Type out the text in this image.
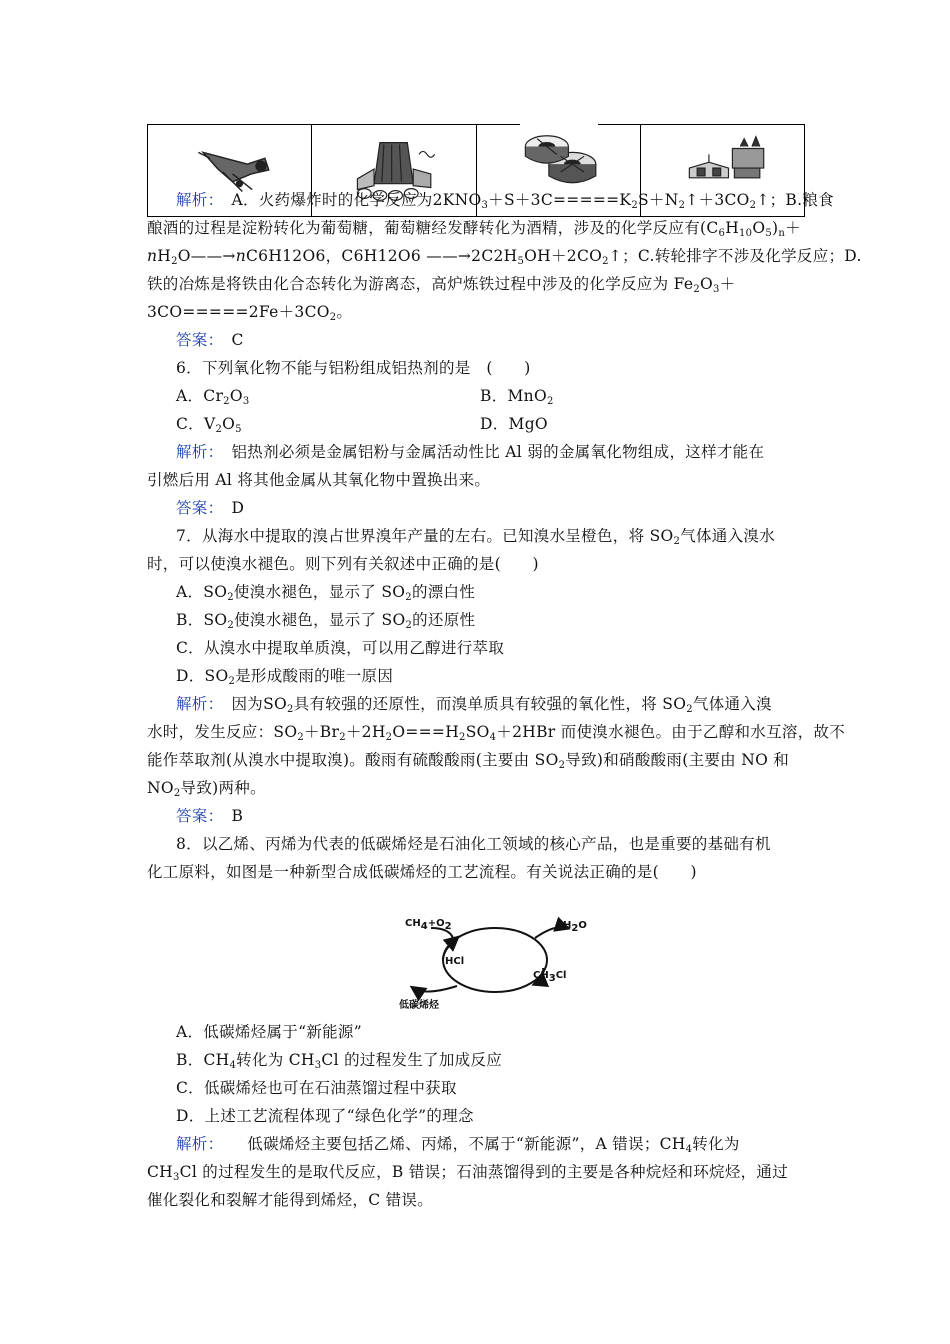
解析：　 A．火药爆炸时的化学反应为$2KNO_3+S+3C=====K_2S+N_2↑+3CO_2↑$；B.粮食
酿酒的过程是淀粉转化为葡萄糖，葡萄糖经发酵转化为酒精，涉及的化学反应有$(C_6H_{10}O_5)_n+$
$nH_2O——\to nC6H12O6$，C6H12O6 $——\to 2C2H_5OH+2CO_2↑$；C.转轮排字不涉及化学反应；D.
铁的冶炼是将铁由化合态转化为游离态，高炉炼铁过程中涉及的化学反应为 $Fe_2O_3+$
$3CO=====2Fe+3CO_2$。
答案：　 C
6．下列氧化物不能与铝粉组成铝热剂的是　(　　)
A．$Cr_2O_3$	B．MnO$_2$
C．$V_2O_5$	D．MgO
解析：　 铝热剂必须是金属铝粉与金属活动性比 Al 弱的金属氧化物组成，这样才能在
引燃后用 Al 将其他金属从其氧化物中置换出来。
答案：　 D
7．从海水中提取的溴占世界溴年产量的左右。已知溴水呈橙色，将 $SO_2$气体通入溴水
时，可以使溴水褪色。则下列有关叙述中正确的是(　　)
A．$SO_2$使溴水褪色，显示了 $SO_2$的漂白性
B．$SO_2$使溴水褪色，显示了 $SO_2$的还原性
C．从溴水中提取单质溴，可以用乙醇进行萃取
D．$SO_2$是形成酸雨的唯一原因
解析：　 因为$SO_2$具有较强的还原性，而溴单质具有较强的氧化性，将 $SO_2$气体通入溴
水时，发生反应：$SO_2+Br_2+2H_2O===H_2SO_4+2HBr$ 而使溴水褪色。由于乙醇和水互溶，故不
能作萃取剂(从溴水中提取溴)。酸雨有硫酸酸雨(主要由 $SO_2$导致)和硝酸酸雨(主要由 NO 和
$NO_2$导致)两种。
答案：　 B
8．以乙烯、丙烯为代表的低碳烯烃是石油化工领域的核心产品，也是重要的基础有机
化工原料，如图是一种新型合成低碳烯烃的工艺流程。有关说法正确的是(　　)
CH4+O2	H2O
HCl
CH3Cl
低碳烯烃
A．低碳烯烃属于“新能源”
B．$CH_4$转化为 $CH_3Cl$ 的过程发生了加成反应
C．低碳烯烃也可在石油蒸馏过程中获取
D．上述工艺流程体现了“绿色化学”的理念
解析：　　 低碳烯烃主要包括乙烯、丙烯，不属于“新能源”，A 错误；$CH_4$转化为
$CH_3Cl$ 的过程发生的是取代反应，B 错误；石油蒸馏得到的主要是各种烷烃和环烷烃，通过
催化裂化和裂解才能得到烯烃，C 错误。
